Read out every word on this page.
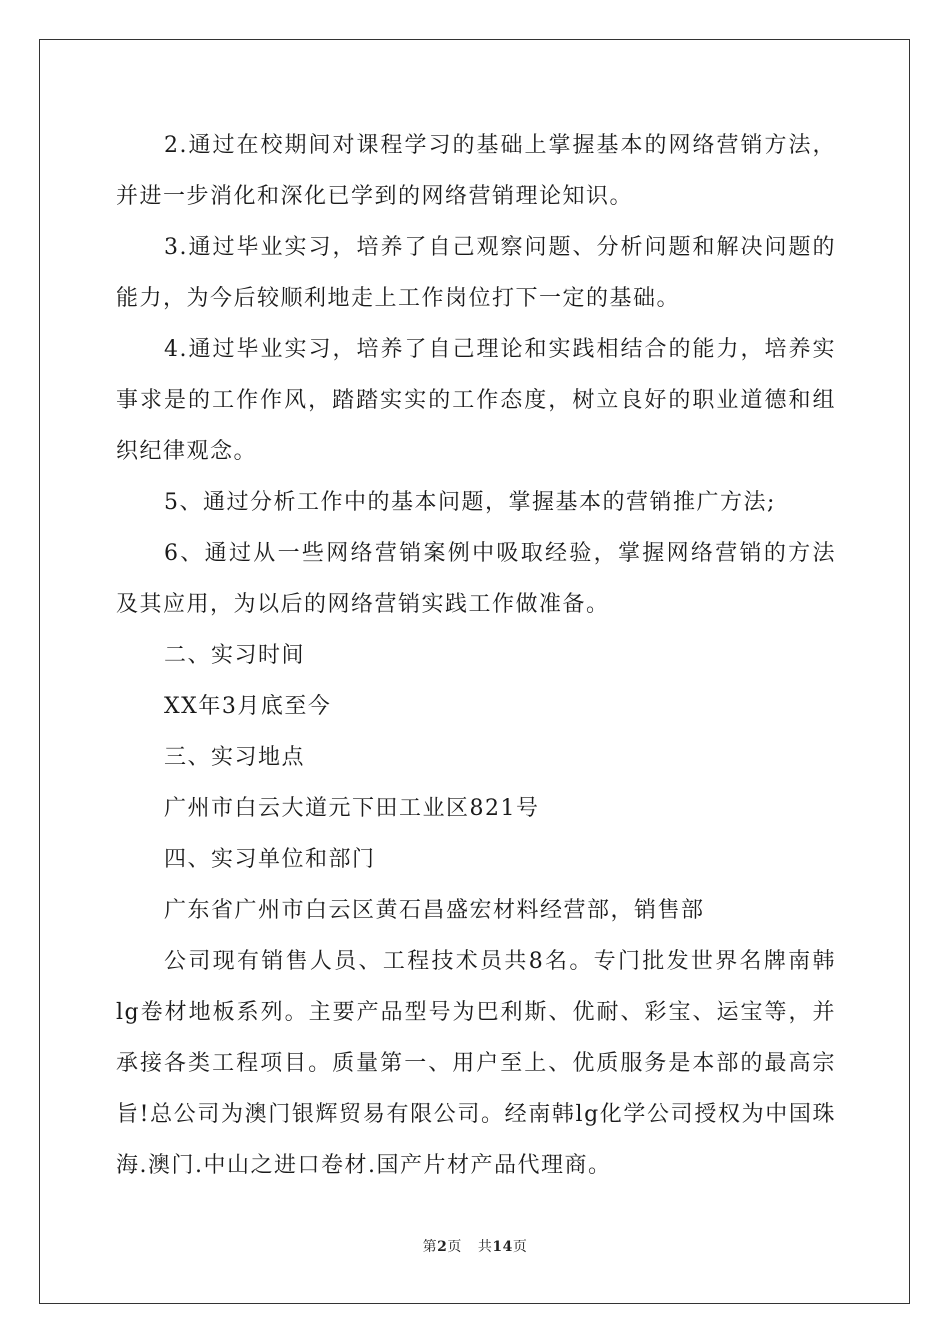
2.通过在校期间对课程学习的基础上掌握基本的网络营销方法，并进一步消化和深化已学到的网络营销理论知识。

3.通过毕业实习，培养了自己观察问题、分析问题和解决问题的能力，为今后较顺利地走上工作岗位打下一定的基础。

4.通过毕业实习，培养了自己理论和实践相结合的能力，培养实事求是的工作作风，踏踏实实的工作态度，树立良好的职业道德和组织纪律观念。

5、通过分析工作中的基本问题，掌握基本的营销推广方法;

6、通过从一些网络营销案例中吸取经验，掌握网络营销的方法及其应用，为以后的网络营销实践工作做准备。

二、实习时间

XX年3月底至今

三、实习地点

广州市白云大道元下田工业区821号

四、实习单位和部门

广东省广州市白云区黄石昌盛宏材料经营部，销售部

公司现有销售人员、工程技术员共8名。专门批发世界名牌南韩lg卷材地板系列。主要产品型号为巴利斯、优耐、彩宝、运宝等，并承接各类工程项目。质量第一、用户至上、优质服务是本部的最高宗旨!总公司为澳门银辉贸易有限公司。经南韩lg化学公司授权为中国珠海.澳门.中山之进口卷材.国产片材产品代理商。

第2页 共14页
